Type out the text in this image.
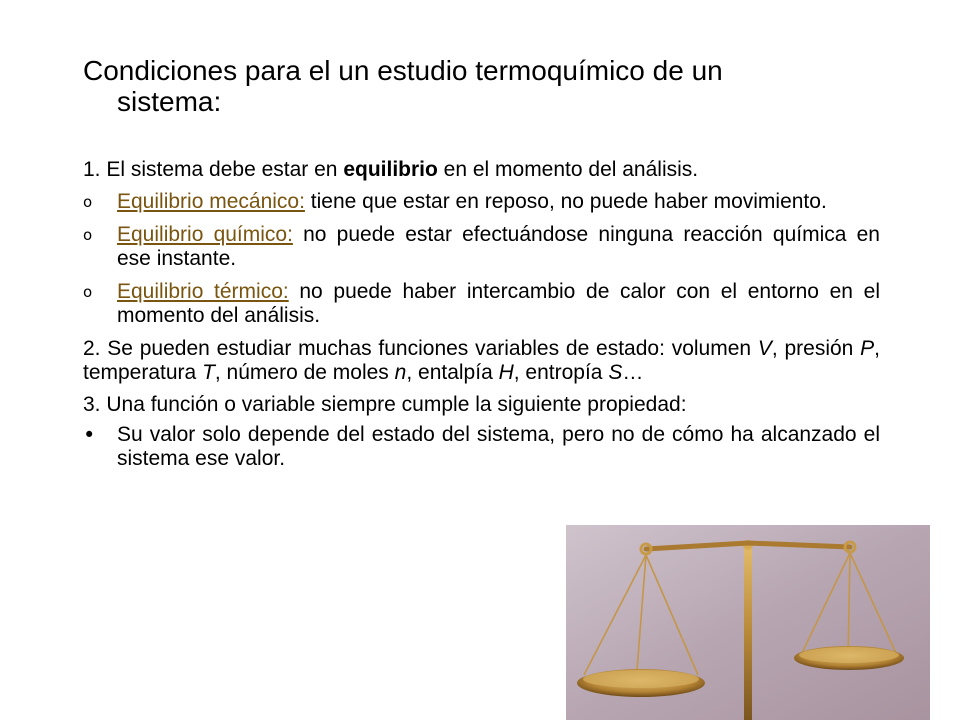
Condiciones para el un estudio termoquímico de un
sistema:

1. El sistema debe estar en equilibrio en el momento del análisis.

o Equilibrio mecánico: tiene que estar en reposo, no puede haber movimiento.
o Equilibrio químico: no puede estar efectuándose ninguna reacción química en ese instante.
o Equilibrio térmico: no puede haber intercambio de calor con el entorno en el momento del análisis.

2. Se pueden estudiar muchas funciones variables de estado: volumen V, presión P, temperatura T, número de moles n, entalpía H, entropía S…

3. Una función o variable siempre cumple la siguiente propiedad:

• Su valor solo depende del estado del sistema, pero no de cómo ha alcanzado el sistema ese valor.
